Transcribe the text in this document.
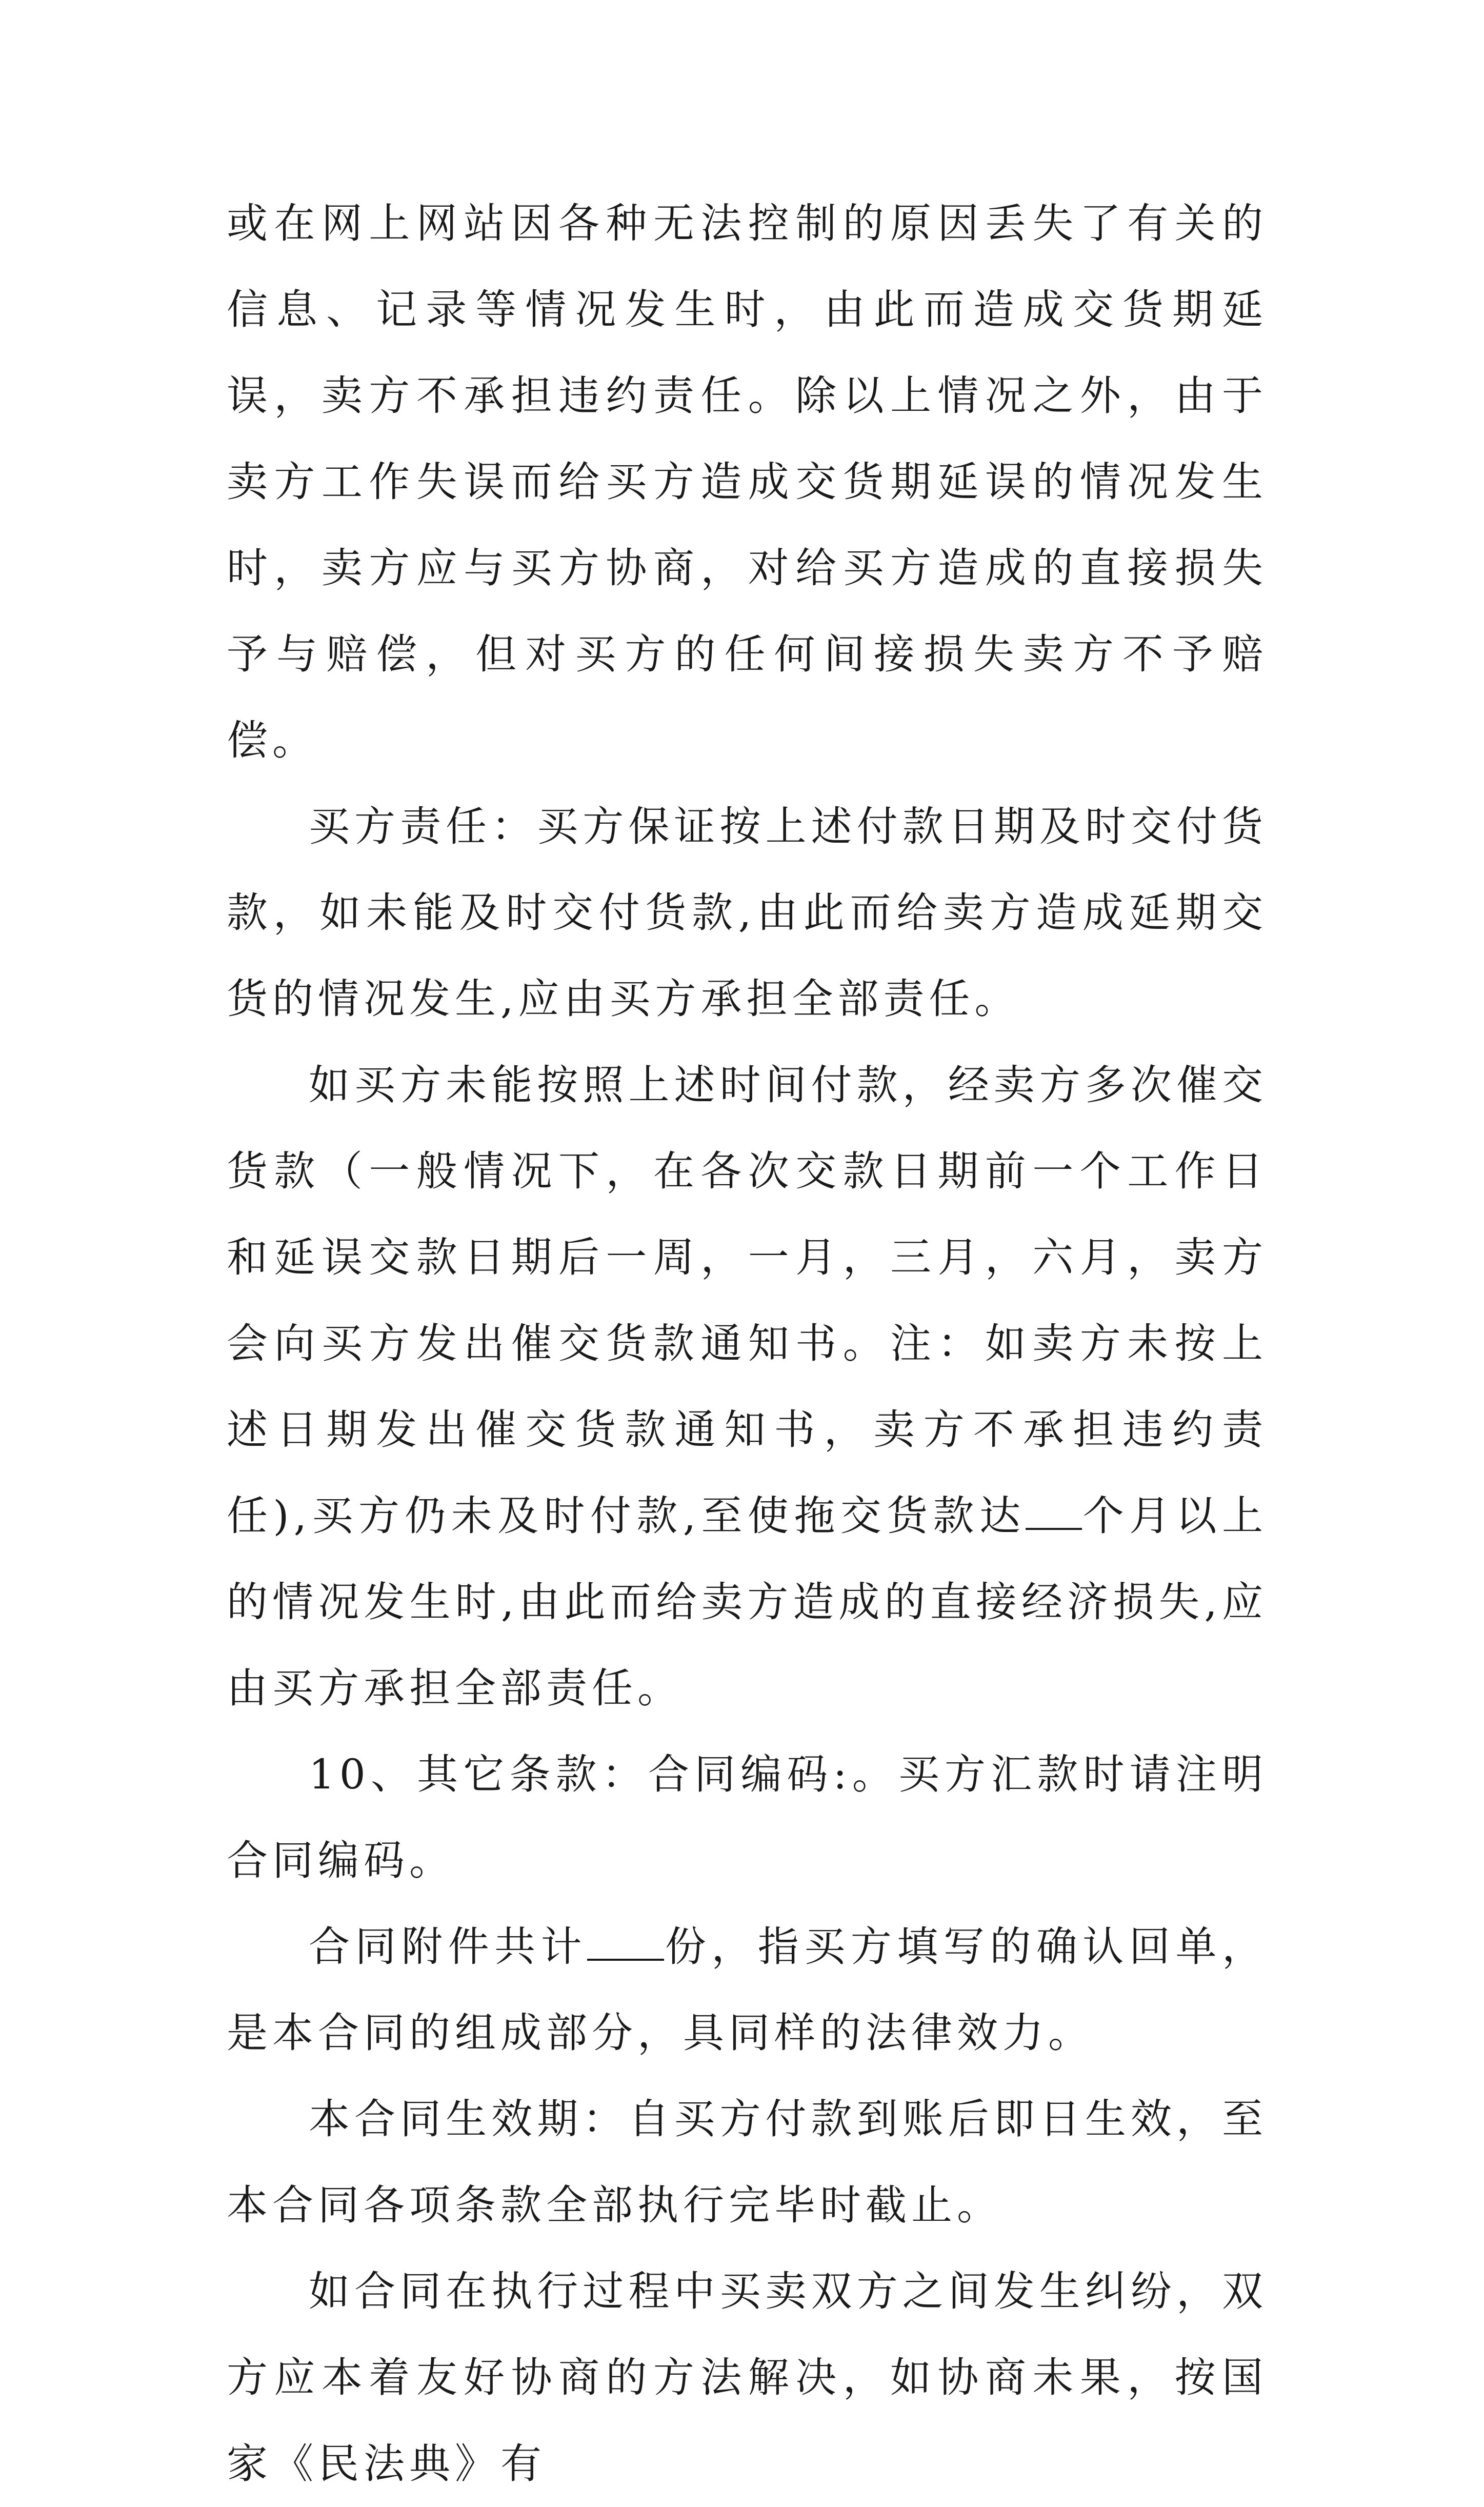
或在网上网站因各种无法控制的原因丢失了有关的信息、记录等情况发生时，由此而造成交货期延误，卖方不承担违约责任。除以上情况之外，由于卖方工作失误而给买方造成交货期延误的情况发生时，卖方应与买方协商，对给买方造成的直接损失予与赔偿，但对买方的任何间接损失卖方不予赔偿。

买方责任：买方保证按上述付款日期及时交付货款，如未能及时交付货款,由此而给卖方造成延期交货的情况发生,应由买方承担全部责任。

如买方未能按照上述时间付款，经卖方多次催交货款（一般情况下，在各次交款日期前一个工作日和延误交款日期后一周，一月，三月，六月，卖方会向买方发出催交货款通知书。注：如卖方未按上述日期发出催交货款通知书，卖方不承担违约责任),买方仍未及时付款,至使拖交货款达 个月以上的情况发生时,由此而给卖方造成的直接经济损失,应由买方承担全部责任。

10、其它条款：合同编码:。买方汇款时请注明合同编码。

合同附件共计 份，指买方填写的确认回单，是本合同的组成部分，具同样的法律效力。

本合同生效期：自买方付款到账后即日生效，至本合同各项条款全部执行完毕时截止。

如合同在执行过程中买卖双方之间发生纠纷，双方应本着友好协商的方法解决，如协商未果，按国家《民法典》有
